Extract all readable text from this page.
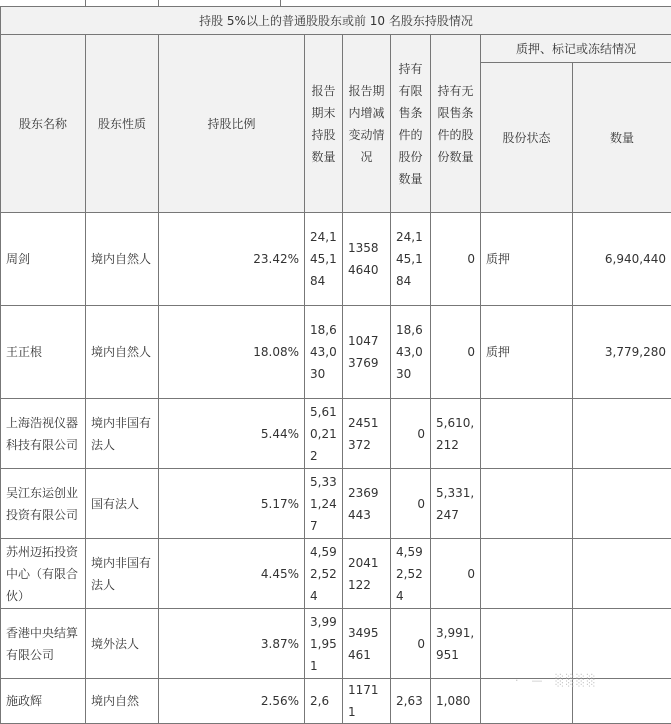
持股 5%以上的普通股股东或前 10 名股东持股情况								
股东名称	股东性质	持股比例	报告期末持股数量	报告期内增减变动情况	持有有限售条件的股份数量	持有无限售条件的股份数量	质押、标记或冻结情况	
							股份状态	数量
周剑	境内自然人	23.42%	24,145,184	13584640	24,145,184	0	质押	6,940,440
王正根	境内自然人	18.08%	18,643,030	10473769	18,643,030	0	质押	3,779,280
上海浩视仪器科技有限公司	境内非国有法人	5.44%	5,610,212	2451372	0	5,610,212		
吴江东运创业投资有限公司	国有法人	5.17%	5,331,247	2369443	0	5,331,247		
苏州迈拓投资中心（有限合伙）	境内非国有法人	4.45%	4,592,524	2041122	4,592,524	0		
香港中央结算有限公司	境外法人	3.87%	3,991,951	3495461	0	3,991,951		
施政辉	境内自然	2.56%	2,6	11711	2,63	1,080		
·  —  ░░░░
